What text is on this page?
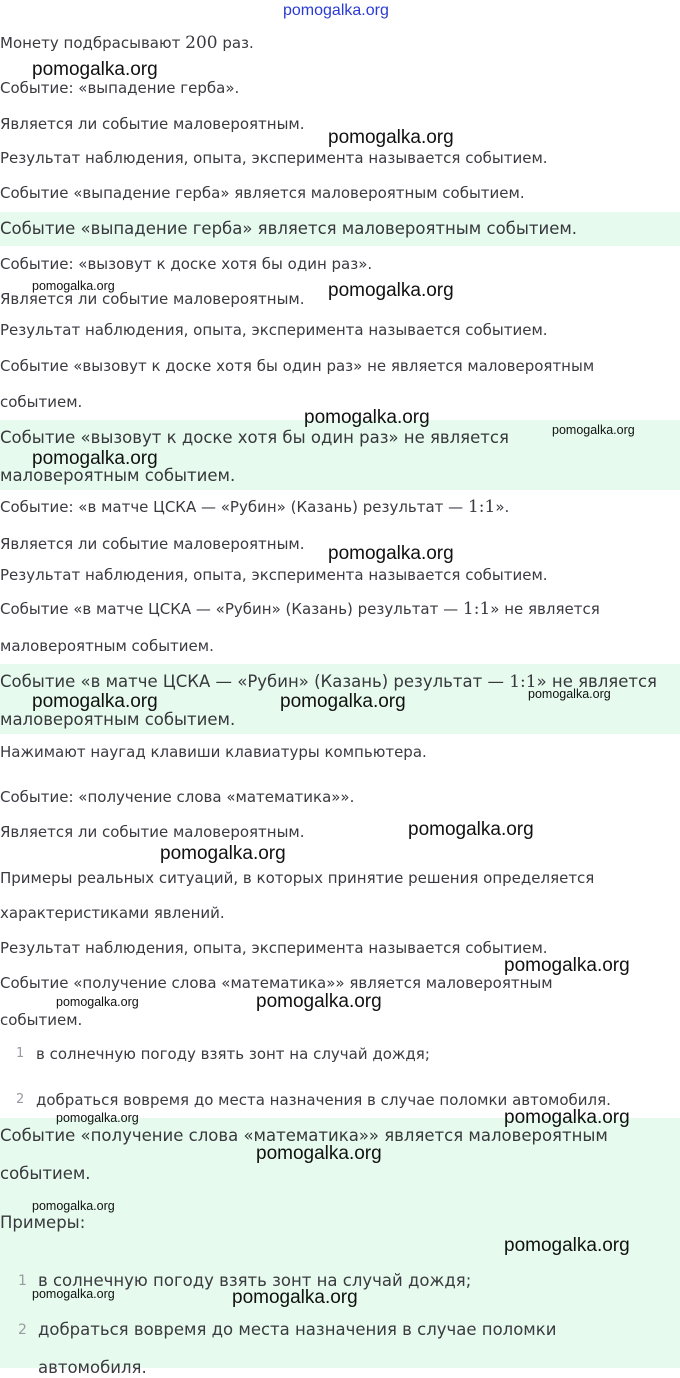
Монету подбрасывают 200 раз.
Событие: «выпадение герба».
Является ли событие маловероятным.
Результат наблюдения, опыта, эксперимента называется событием.
Событие «выпадение герба» является маловероятным событием.
Событие «выпадение герба» является маловероятным событием.
Событие: «вызовут к доске хотя бы один раз».
Является ли событие маловероятным.
Результат наблюдения, опыта, эксперимента называется событием.
Событие «вызовут к доске хотя бы один раз» не является маловероятным
событием.
Событие «вызовут к доске хотя бы один раз» не является
маловероятным событием.
Событие: «в матче ЦСКА — «Рубин» (Казань) результат — 1:1».
Является ли событие маловероятным.
Результат наблюдения, опыта, эксперимента называется событием.
Событие «в матче ЦСКА — «Рубин» (Казань) результат — 1:1» не является
маловероятным событием.
Событие «в матче ЦСКА — «Рубин» (Казань) результат — 1:1» не является
маловероятным событием.
Нажимают наугад клавиши клавиатуры компьютера.
Событие: «получение слова «математика»».
Является ли событие маловероятным.
Примеры реальных ситуаций, в которых принятие решения определяется
характеристиками явлений.
Результат наблюдения, опыта, эксперимента называется событием.
Событие «получение слова «математика»» является маловероятным
событием.
1 в солнечную погоду взять зонт на случай дождя;
2 добраться вовремя до места назначения в случае поломки автомобиля.
Событие «получение слова «математика»» является маловероятным
событием.
Примеры:
1 в солнечную погоду взять зонт на случай дождя;
2 добраться вовремя до места назначения в случае поломки
автомобиля.
pomogalka.org
pomogalka.org
pomogalka.org
pomogalka.org	pomogalka.org
pomogalka.org
pomogalka.org
pomogalka.org
pomogalka.org
pomogalka.org
pomogalka.org	pomogalka.org
pomogalka.org
pomogalka.org
pomogalka.org
pomogalka.org	pomogalka.org
pomogalka.org	pomogalka.org
pomogalka.org
pomogalka.org
pomogalka.org
pomogalka.org	pomogalka.org
